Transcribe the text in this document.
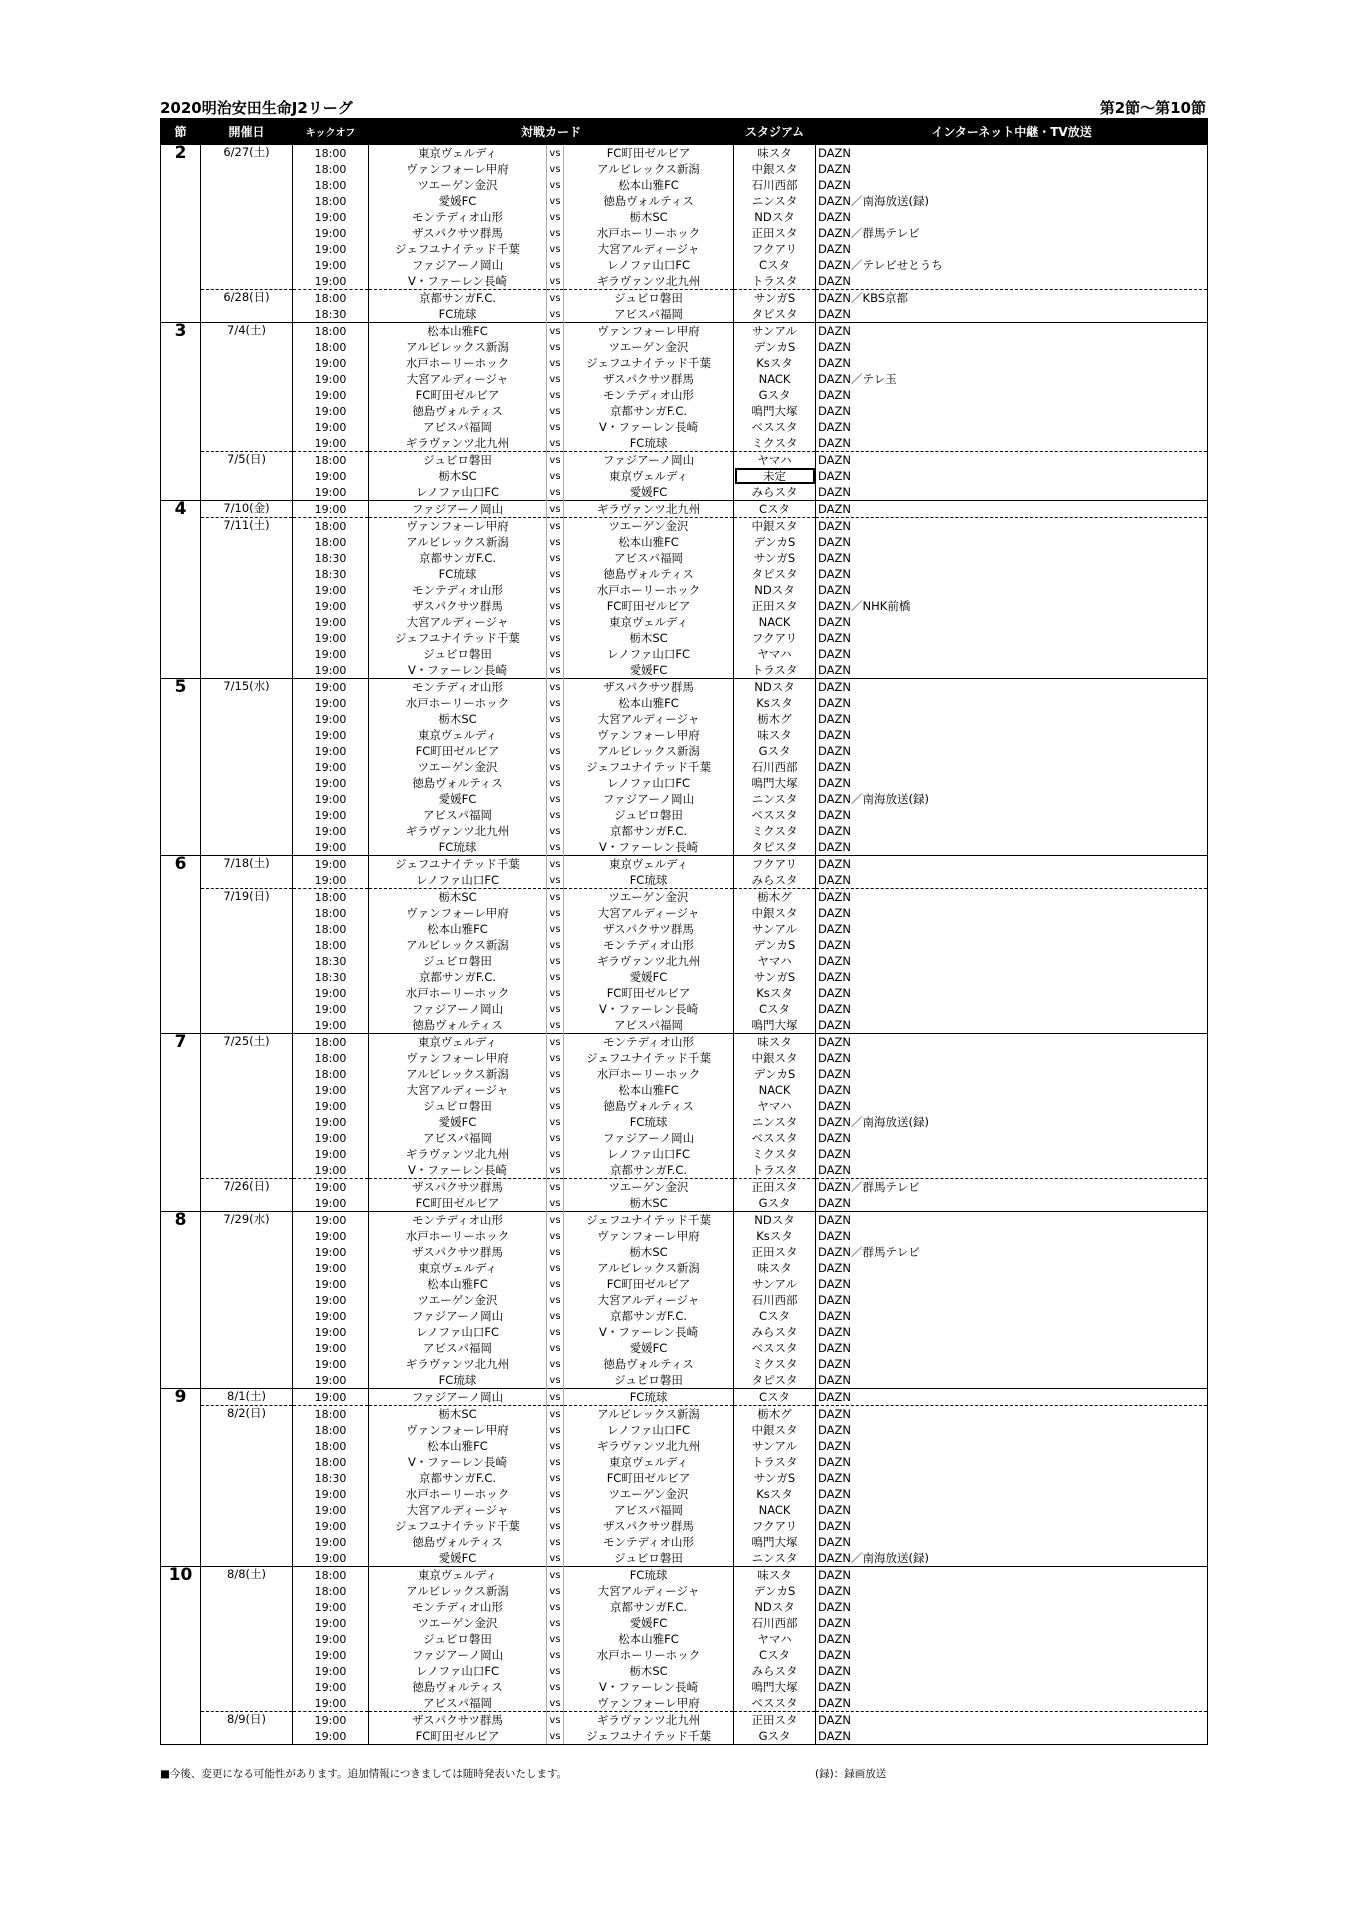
2020明治安田生命J2リーグ	第2節～第10節
節	開催日	キックオフ	対戦カード			スタジアム	インターネット中継・TV放送
2	6/27(土)	18:00	東京ヴェルディ	vs	FC町田ゼルビア	味スタ	DAZN
		18:00	ヴァンフォーレ甲府	vs	アルビレックス新潟	中銀スタ	DAZN
		18:00	ツエーゲン金沢	vs	松本山雅FC	石川西部	DAZN
		18:00	愛媛FC	vs	徳島ヴォルティス	ニンスタ	DAZN／南海放送(録)
		19:00	モンテディオ山形	vs	栃木SC	NDスタ	DAZN
		19:00	ザスパクサツ群馬	vs	水戸ホーリーホック	正田スタ	DAZN／群馬テレビ
		19:00	ジェフユナイテッド千葉	vs	大宮アルディージャ	フクアリ	DAZN
		19:00	ファジアーノ岡山	vs	レノファ山口FC	Cスタ	DAZN／テレビせとうち
		19:00	V・ファーレン長崎	vs	ギラヴァンツ北九州	トラスタ	DAZN
	6/28(日)	18:00	京都サンガF.C.	vs	ジュビロ磐田	サンガS	DAZN／KBS京都
		18:30	FC琉球	vs	アビスパ福岡	タピスタ	DAZN
3	7/4(土)	18:00	松本山雅FC	vs	ヴァンフォーレ甲府	サンアル	DAZN
		18:00	アルビレックス新潟	vs	ツエーゲン金沢	デンカS	DAZN
		19:00	水戸ホーリーホック	vs	ジェフユナイテッド千葉	Ksスタ	DAZN
		19:00	大宮アルディージャ	vs	ザスパクサツ群馬	NACK	DAZN／テレ玉
		19:00	FC町田ゼルビア	vs	モンテディオ山形	Gスタ	DAZN
		19:00	徳島ヴォルティス	vs	京都サンガF.C.	鳴門大塚	DAZN
		19:00	アビスパ福岡	vs	V・ファーレン長崎	ベススタ	DAZN
		19:00	ギラヴァンツ北九州	vs	FC琉球	ミクスタ	DAZN
	7/5(日)	18:00	ジュビロ磐田	vs	ファジアーノ岡山	ヤマハ	DAZN
		19:00	栃木SC	vs	東京ヴェルディ	未定	DAZN
		19:00	レノファ山口FC	vs	愛媛FC	みらスタ	DAZN
4	7/10(金)	19:00	ファジアーノ岡山	vs	ギラヴァンツ北九州	Cスタ	DAZN
	7/11(土)	18:00	ヴァンフォーレ甲府	vs	ツエーゲン金沢	中銀スタ	DAZN
		18:00	アルビレックス新潟	vs	松本山雅FC	デンカS	DAZN
		18:30	京都サンガF.C.	vs	アビスパ福岡	サンガS	DAZN
		18:30	FC琉球	vs	徳島ヴォルティス	タピスタ	DAZN
		19:00	モンテディオ山形	vs	水戸ホーリーホック	NDスタ	DAZN
		19:00	ザスパクサツ群馬	vs	FC町田ゼルビア	正田スタ	DAZN／NHK前橋
		19:00	大宮アルディージャ	vs	東京ヴェルディ	NACK	DAZN
		19:00	ジェフユナイテッド千葉	vs	栃木SC	フクアリ	DAZN
		19:00	ジュビロ磐田	vs	レノファ山口FC	ヤマハ	DAZN
		19:00	V・ファーレン長崎	vs	愛媛FC	トラスタ	DAZN
5	7/15(水)	19:00	モンテディオ山形	vs	ザスパクサツ群馬	NDスタ	DAZN
		19:00	水戸ホーリーホック	vs	松本山雅FC	Ksスタ	DAZN
		19:00	栃木SC	vs	大宮アルディージャ	栃木グ	DAZN
		19:00	東京ヴェルディ	vs	ヴァンフォーレ甲府	味スタ	DAZN
		19:00	FC町田ゼルビア	vs	アルビレックス新潟	Gスタ	DAZN
		19:00	ツエーゲン金沢	vs	ジェフユナイテッド千葉	石川西部	DAZN
		19:00	徳島ヴォルティス	vs	レノファ山口FC	鳴門大塚	DAZN
		19:00	愛媛FC	vs	ファジアーノ岡山	ニンスタ	DAZN／南海放送(録)
		19:00	アビスパ福岡	vs	ジュビロ磐田	ベススタ	DAZN
		19:00	ギラヴァンツ北九州	vs	京都サンガF.C.	ミクスタ	DAZN
		19:00	FC琉球	vs	V・ファーレン長崎	タピスタ	DAZN
6	7/18(土)	19:00	ジェフユナイテッド千葉	vs	東京ヴェルディ	フクアリ	DAZN
		19:00	レノファ山口FC	vs	FC琉球	みらスタ	DAZN
	7/19(日)	18:00	栃木SC	vs	ツエーゲン金沢	栃木グ	DAZN
		18:00	ヴァンフォーレ甲府	vs	大宮アルディージャ	中銀スタ	DAZN
		18:00	松本山雅FC	vs	ザスパクサツ群馬	サンアル	DAZN
		18:00	アルビレックス新潟	vs	モンテディオ山形	デンカS	DAZN
		18:30	ジュビロ磐田	vs	ギラヴァンツ北九州	ヤマハ	DAZN
		18:30	京都サンガF.C.	vs	愛媛FC	サンガS	DAZN
		19:00	水戸ホーリーホック	vs	FC町田ゼルビア	Ksスタ	DAZN
		19:00	ファジアーノ岡山	vs	V・ファーレン長崎	Cスタ	DAZN
		19:00	徳島ヴォルティス	vs	アビスパ福岡	鳴門大塚	DAZN
7	7/25(土)	18:00	東京ヴェルディ	vs	モンテディオ山形	味スタ	DAZN
		18:00	ヴァンフォーレ甲府	vs	ジェフユナイテッド千葉	中銀スタ	DAZN
		18:00	アルビレックス新潟	vs	水戸ホーリーホック	デンカS	DAZN
		19:00	大宮アルディージャ	vs	松本山雅FC	NACK	DAZN
		19:00	ジュビロ磐田	vs	徳島ヴォルティス	ヤマハ	DAZN
		19:00	愛媛FC	vs	FC琉球	ニンスタ	DAZN／南海放送(録)
		19:00	アビスパ福岡	vs	ファジアーノ岡山	ベススタ	DAZN
		19:00	ギラヴァンツ北九州	vs	レノファ山口FC	ミクスタ	DAZN
		19:00	V・ファーレン長崎	vs	京都サンガF.C.	トラスタ	DAZN
	7/26(日)	19:00	ザスパクサツ群馬	vs	ツエーゲン金沢	正田スタ	DAZN／群馬テレビ
		19:00	FC町田ゼルビア	vs	栃木SC	Gスタ	DAZN
8	7/29(水)	19:00	モンテディオ山形	vs	ジェフユナイテッド千葉	NDスタ	DAZN
		19:00	水戸ホーリーホック	vs	ヴァンフォーレ甲府	Ksスタ	DAZN
		19:00	ザスパクサツ群馬	vs	栃木SC	正田スタ	DAZN／群馬テレビ
		19:00	東京ヴェルディ	vs	アルビレックス新潟	味スタ	DAZN
		19:00	松本山雅FC	vs	FC町田ゼルビア	サンアル	DAZN
		19:00	ツエーゲン金沢	vs	大宮アルディージャ	石川西部	DAZN
		19:00	ファジアーノ岡山	vs	京都サンガF.C.	Cスタ	DAZN
		19:00	レノファ山口FC	vs	V・ファーレン長崎	みらスタ	DAZN
		19:00	アビスパ福岡	vs	愛媛FC	ベススタ	DAZN
		19:00	ギラヴァンツ北九州	vs	徳島ヴォルティス	ミクスタ	DAZN
		19:00	FC琉球	vs	ジュビロ磐田	タピスタ	DAZN
9	8/1(土)	19:00	ファジアーノ岡山	vs	FC琉球	Cスタ	DAZN
	8/2(日)	18:00	栃木SC	vs	アルビレックス新潟	栃木グ	DAZN
		18:00	ヴァンフォーレ甲府	vs	レノファ山口FC	中銀スタ	DAZN
		18:00	松本山雅FC	vs	ギラヴァンツ北九州	サンアル	DAZN
		18:00	V・ファーレン長崎	vs	東京ヴェルディ	トラスタ	DAZN
		18:30	京都サンガF.C.	vs	FC町田ゼルビア	サンガS	DAZN
		19:00	水戸ホーリーホック	vs	ツエーゲン金沢	Ksスタ	DAZN
		19:00	大宮アルディージャ	vs	アビスパ福岡	NACK	DAZN
		19:00	ジェフユナイテッド千葉	vs	ザスパクサツ群馬	フクアリ	DAZN
		19:00	徳島ヴォルティス	vs	モンテディオ山形	鳴門大塚	DAZN
		19:00	愛媛FC	vs	ジュビロ磐田	ニンスタ	DAZN／南海放送(録)
10	8/8(土)	18:00	東京ヴェルディ	vs	FC琉球	味スタ	DAZN
		18:00	アルビレックス新潟	vs	大宮アルディージャ	デンカS	DAZN
		19:00	モンテディオ山形	vs	京都サンガF.C.	NDスタ	DAZN
		19:00	ツエーゲン金沢	vs	愛媛FC	石川西部	DAZN
		19:00	ジュビロ磐田	vs	松本山雅FC	ヤマハ	DAZN
		19:00	ファジアーノ岡山	vs	水戸ホーリーホック	Cスタ	DAZN
		19:00	レノファ山口FC	vs	栃木SC	みらスタ	DAZN
		19:00	徳島ヴォルティス	vs	V・ファーレン長崎	鳴門大塚	DAZN
		19:00	アビスパ福岡	vs	ヴァンフォーレ甲府	ベススタ	DAZN
	8/9(日)	19:00	ザスパクサツ群馬	vs	ギラヴァンツ北九州	正田スタ	DAZN
		19:00	FC町田ゼルビア	vs	ジェフユナイテッド千葉	Gスタ	DAZN
■今後、変更になる可能性があります。追加情報につきましては随時発表いたします。	(録)：録画放送
